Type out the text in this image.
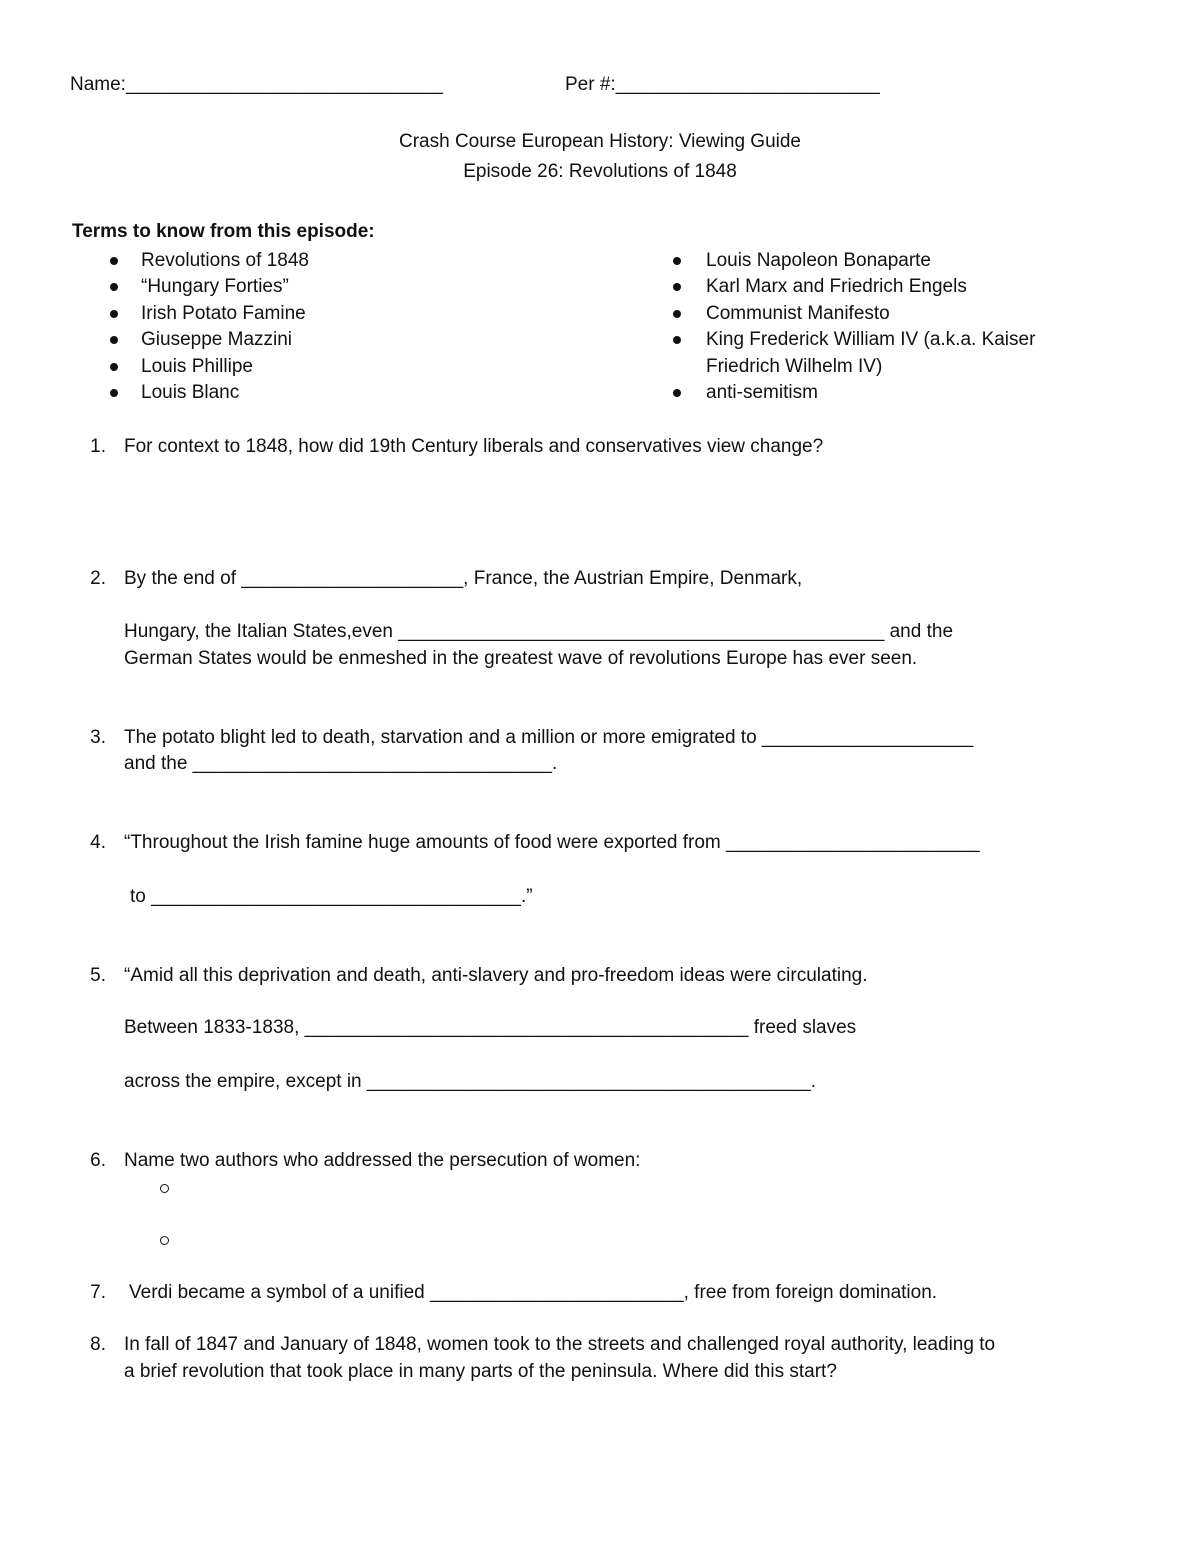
Name:______________________________	Per #:_________________________
Crash Course European History: Viewing Guide
Episode 26: Revolutions of 1848
Terms to know from this episode:
Revolutions of 1848
“Hungary Forties”
Irish Potato Famine
Giuseppe Mazzini
Louis Phillipe
Louis Blanc
Louis Napoleon Bonaparte
Karl Marx and Friedrich Engels
Communist Manifesto
King Frederick William IV (a.k.a. Kaiser
Friedrich Wilhelm IV)
anti-semitism
1. For context to 1848, how did 19th Century liberals and conservatives view change?
2. By the end of _____________________, France, the Austrian Empire, Denmark,
Hungary, the Italian States,even ______________________________________________ and the
German States would be enmeshed in the greatest wave of revolutions Europe has ever seen.
3. The potato blight led to death, starvation and a million or more emigrated to ____________________
and the __________________________________.
4. “Throughout the Irish famine huge amounts of food were exported from ________________________
to ___________________________________.”
5. “Amid all this deprivation and death, anti-slavery and pro-freedom ideas were circulating.
Between 1833-1838, __________________________________________ freed slaves
across the empire, except in __________________________________________.
6. Name two authors who addressed the persecution of women:
7. Verdi became a symbol of a unified ________________________, free from foreign domination.
8. In fall of 1847 and January of 1848, women took to the streets and challenged royal authority, leading to
a brief revolution that took place in many parts of the peninsula. Where did this start?
